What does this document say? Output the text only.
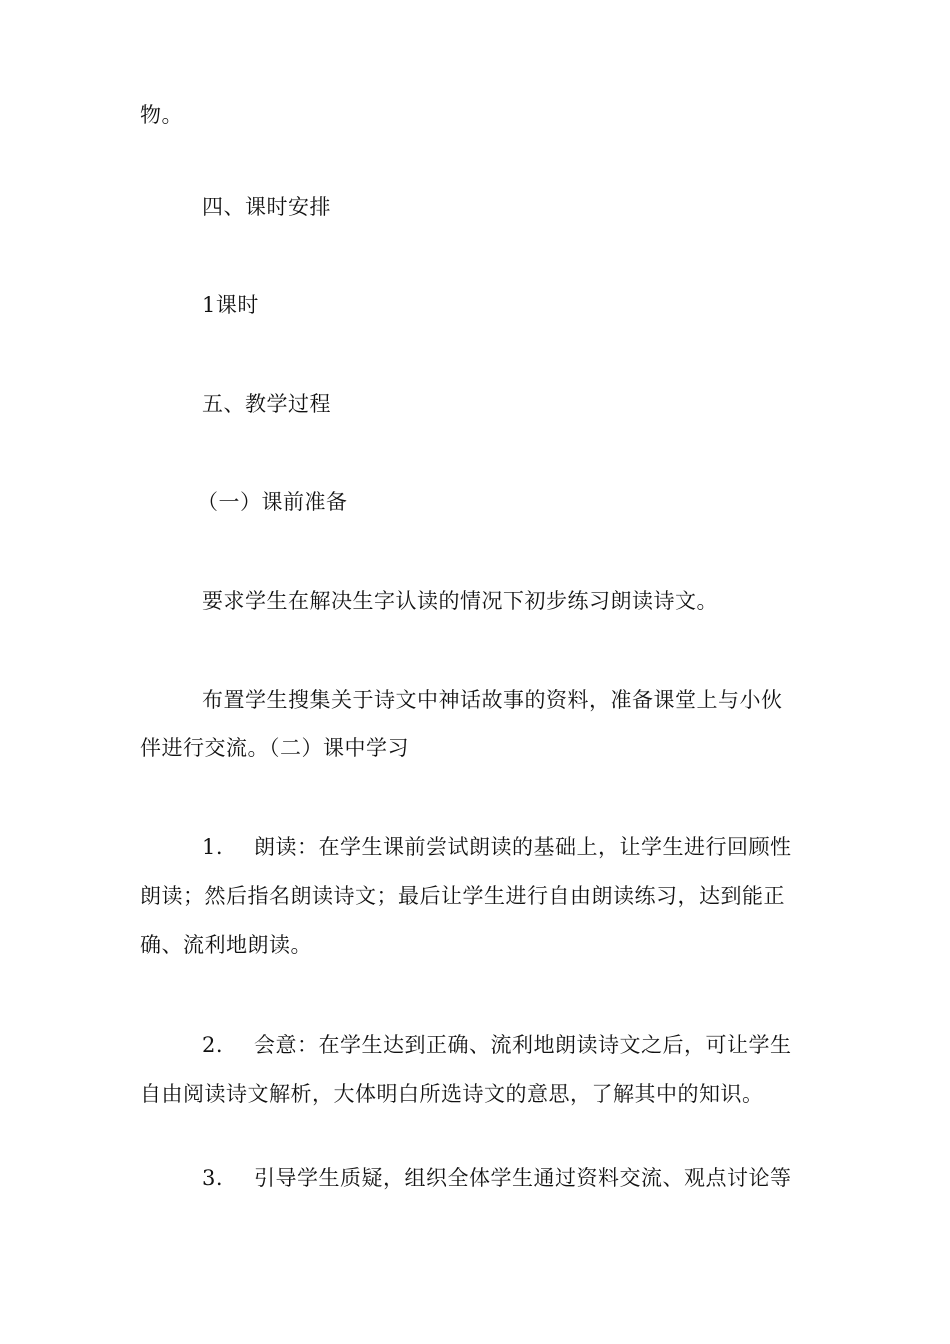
物。
四、课时安排
1课时
五、教学过程
（一）课前准备
要求学生在解决生字认读的情况下初步练习朗读诗文。
布置学生搜集关于诗文中神话故事的资料，准备课堂上与小伙
伴进行交流。（二）课中学习
1. 朗读：在学生课前尝试朗读的基础上，让学生进行回顾性
朗读；然后指名朗读诗文；最后让学生进行自由朗读练习，达到能正
确、流利地朗读。
2. 会意：在学生达到正确、流利地朗读诗文之后，可让学生
自由阅读诗文解析，大体明白所选诗文的意思，了解其中的知识。
3. 引导学生质疑，组织全体学生通过资料交流、观点讨论等
